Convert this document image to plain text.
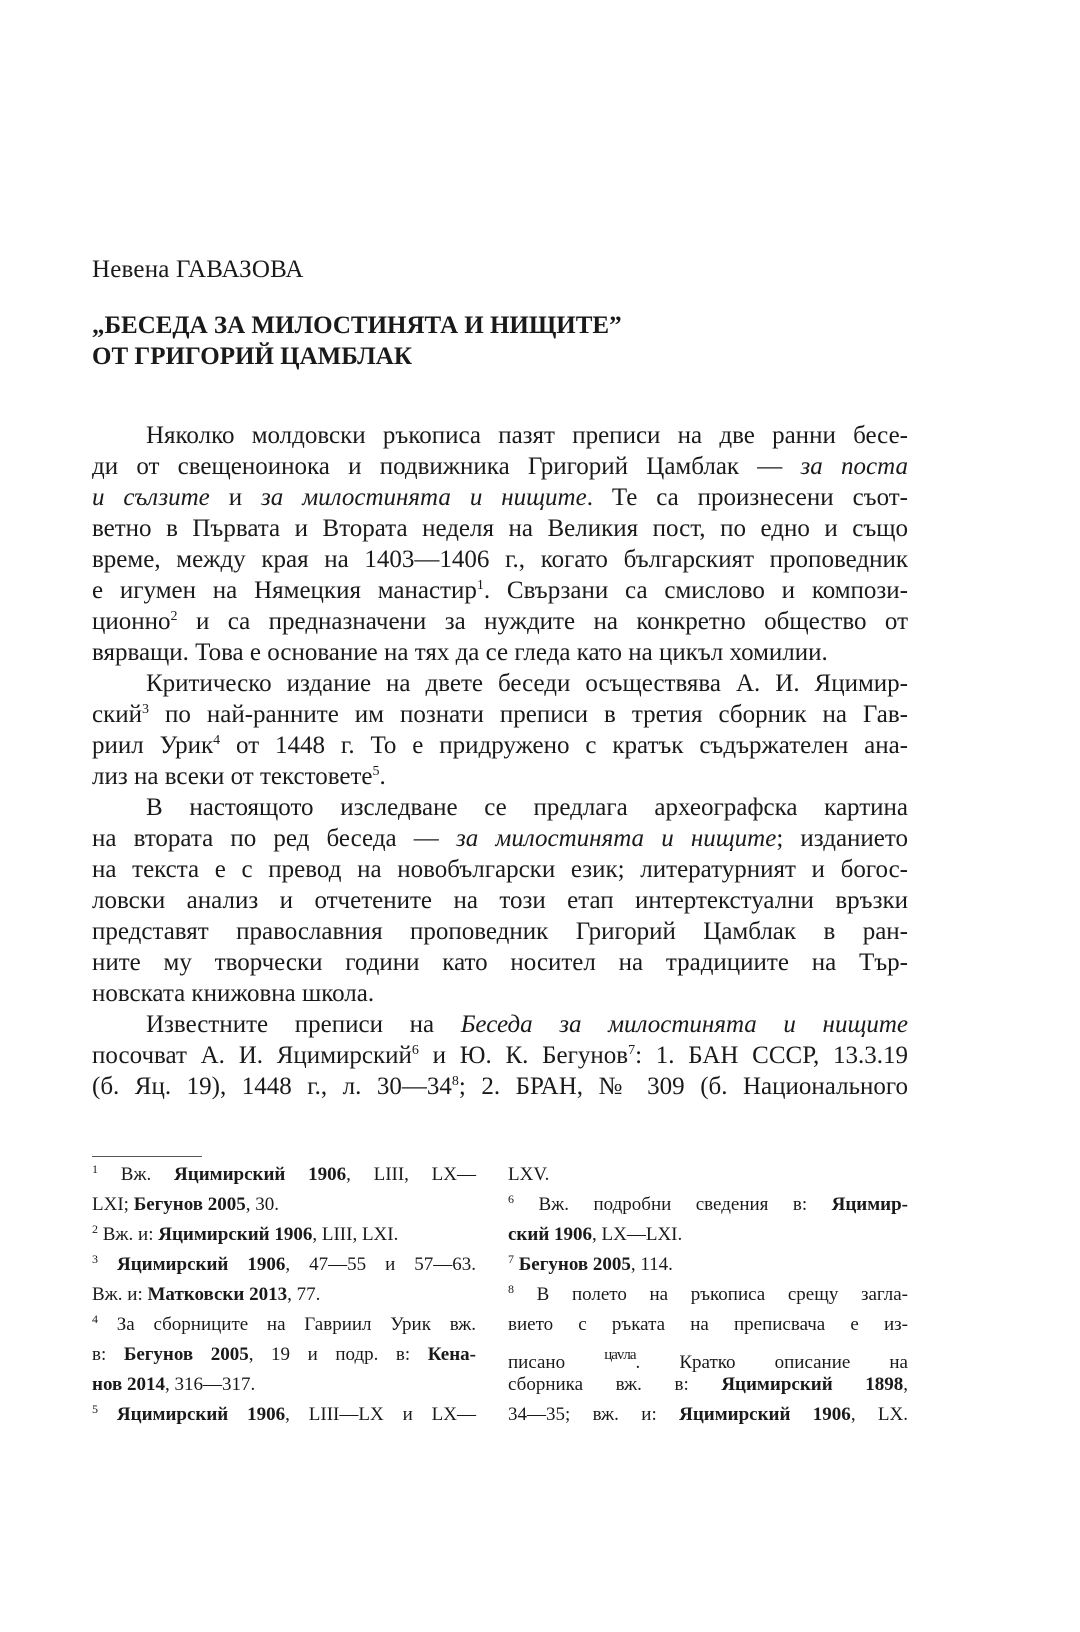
Невена ГАВАЗОВА
„БЕСЕДА ЗА МИЛОСТИНЯТА И НИЩИТЕ”
ОТ ГРИГОРИЙ ЦАМБЛАК
Няколко молдовски ръкописа пазят преписи на две ранни бесе-
ди от свещеноинока и подвижника Григорий Цамблак — за поста
и сълзите и за милостинята и нищите. Те са произнесени съот-
ветно в Първата и Втората неделя на Великия пост, по едно и също
време, между края на 1403—1406 г., когато българският проповедник
е игумен на Нямецкия манастир$^1$. Свързани са смислово и компози-
ционно$^2$ и са предназначени за нуждите на конкретно общество от
вярващи. Това е основание на тях да се гледа като на цикъл хомилии.
Критическо издание на двете беседи осъществява А. И. Яцимир-
ский$^3$ по най-ранните им познати преписи в третия сборник на Гав-
риил Урик$^4$ от 1448 г. То е придружено с кратък съдържателен ана-
лиз на всеки от текстовете$^5$.
В настоящото изследване се предлага археографска картина
на втората по ред беседа — за милостинята и нищите; изданието
на текста е с превод на новобългарски език; литературният и богос-
ловски анализ и отчетените на този етап интертекстуални връзки
представят православния проповедник Григорий Цамблак в ран-
ните му творчески години като носител на традициите на Тър-
новската книжовна школа.
Известните преписи на Беседа за милостинята и нищите
посочват А. И. Яцимирский$^6$ и Ю. К. Бегунов$^7$: 1. БАН СССР, 13.3.19
(б. Яц. 19), 1448 г., л. $30—34^8$; 2. БРАН, № 309 (б. Национального
$^1$ Вж. Яцимирский 1906, LIII, LX—
LXI; Бегунов 2005, 30.
$^2$ Вж. и: Яцимирский 1906, LIII, LXI.
$^3$ Яцимирский 1906, 47—55 и 57—63.
Вж. и: Матковски 2013, 77.
$^4$ За сборниците на Гавриил Урик вж.
в: Бегунов 2005, 19 и подр. в: Кена-
нов 2014, 316—317.
$^5$ Яцимирский 1906, LIII—LX и LX—
LXV.
$^6$ Вж. подробни сведения в: Яцимир-
ский 1906, LX—LXI.
$^7$ Бегунов 2005, 114.
$^8$ В полето на ръкописа срещу загла-
вието с ръката на преписвача е из-
писано $^{цаvла}$. Кратко описание на
сборника вж. в: Яцимирский 1898,
34—35; вж. и: Яцимирский 1906, LX.
